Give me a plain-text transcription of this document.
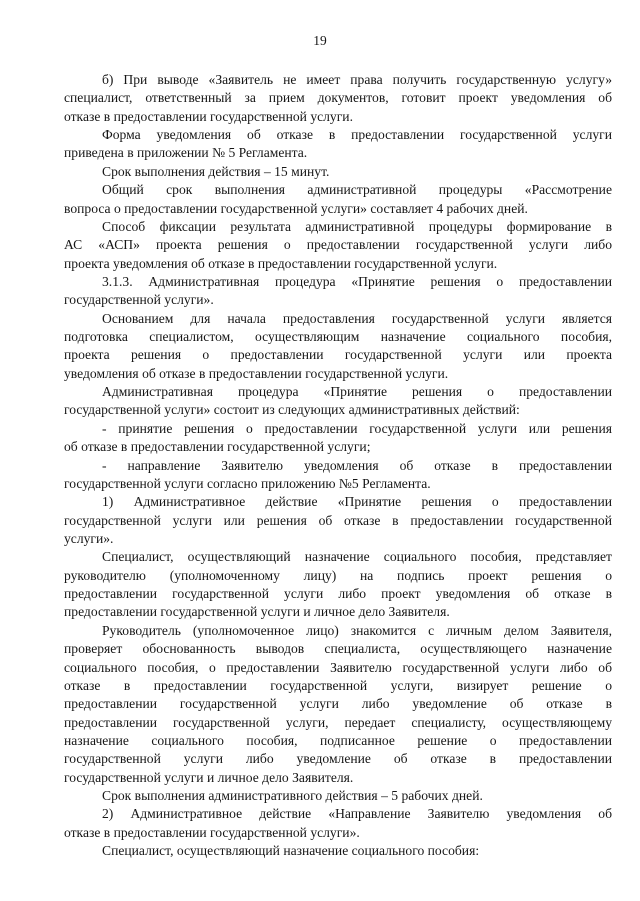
19
б) При выводе «Заявитель не имеет права получить государственную услугу»
специалист, ответственный за прием документов, готовит проект уведомления об
отказе в предоставлении государственной услуги.
Форма уведомления об отказе в предоставлении государственной услуги
приведена в приложении № 5 Регламента.
Срок выполнения действия – 15 минут.
Общий срок выполнения административной процедуры «Рассмотрение
вопроса о предоставлении государственной услуги» составляет 4 рабочих дней.
Способ фиксации результата административной процедуры формирование в
АС «АСП» проекта решения о предоставлении государственной услуги либо
проекта уведомления об отказе в предоставлении государственной услуги.
3.1.3. Административная процедура «Принятие решения о предоставлении
государственной услуги».
Основанием для начала предоставления государственной услуги является
подготовка специалистом, осуществляющим назначение социального пособия,
проекта решения о предоставлении государственной услуги или проекта
уведомления об отказе в предоставлении государственной услуги.
Административная процедура «Принятие решения о предоставлении
государственной услуги» состоит из следующих административных действий:
- принятие решения о предоставлении государственной услуги или решения
об отказе в предоставлении государственной услуги;
- направление Заявителю уведомления об отказе в предоставлении
государственной услуги согласно приложению №5 Регламента.
1) Административное действие «Принятие решения о предоставлении
государственной услуги или решения об отказе в предоставлении государственной
услуги».
Специалист, осуществляющий назначение социального пособия, представляет
руководителю (уполномоченному лицу) на подпись проект решения о
предоставлении государственной услуги либо проект уведомления об отказе в
предоставлении государственной услуги и личное дело Заявителя.
Руководитель (уполномоченное лицо) знакомится с личным делом Заявителя,
проверяет обоснованность выводов специалиста, осуществляющего назначение
социального пособия, о предоставлении Заявителю государственной услуги либо об
отказе в предоставлении государственной услуги, визирует решение о
предоставлении государственной услуги либо уведомление об отказе в
предоставлении государственной услуги, передает специалисту, осуществляющему
назначение социального пособия, подписанное решение о предоставлении
государственной услуги либо уведомление об отказе в предоставлении
государственной услуги и личное дело Заявителя.
Срок выполнения административного действия – 5 рабочих дней.
2) Административное действие «Направление Заявителю уведомления об
отказе в предоставлении государственной услуги».
Специалист, осуществляющий назначение социального пособия:
